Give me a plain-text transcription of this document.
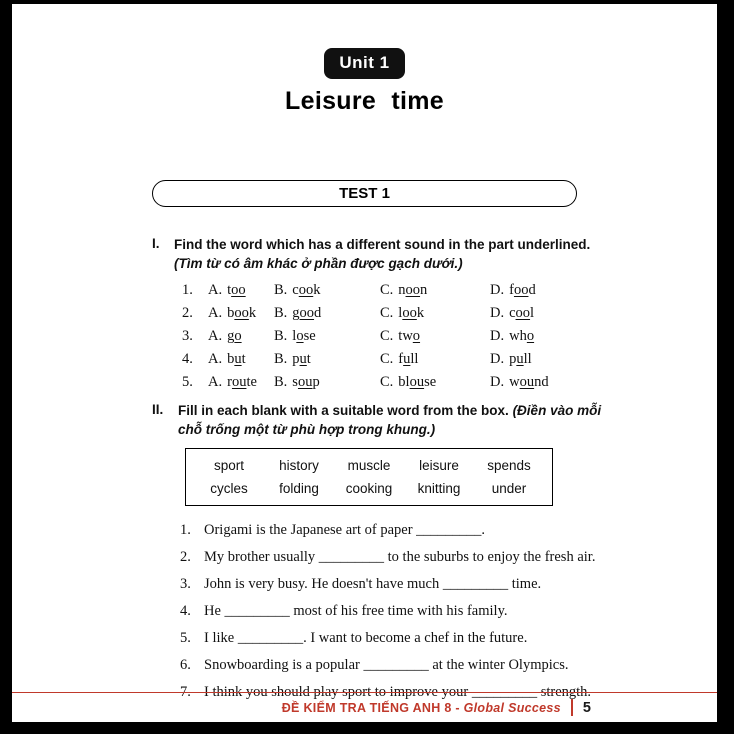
Unit 1
Leisure time
TEST 1
I.	Find the word which has a different sound in the part underlined. (Tìm từ có âm khác ở phần được gạch dưới.)
1.	A. too	B. cook	C. noon	D. food
2.	A. book	B. good	C. look	D. cool
3.	A. go	B. lose	C. two	D. who
4.	A. but	B. put	C. full	D. pull
5.	A. route	B. soup	C. blouse	D. wound
II.	Fill in each blank with a suitable word from the box. (Điền vào mỗi chỗ trống một từ phù hợp trong khung.)
sport	history	muscle	leisure	spends
cycles	folding	cooking	knitting	under
1. Origami is the Japanese art of paper _________.
2. My brother usually _________ to the suburbs to enjoy the fresh air.
3. John is very busy. He doesn't have much _________ time.
4. He _________ most of his free time with his family.
5. I like _________. I want to become a chef in the future.
6. Snowboarding is a popular _________ at the winter Olympics.
7. I think you should play sport to improve your _________ strength.
ĐỀ KIỂM TRA TIẾNG ANH 8 - Global Success 5
